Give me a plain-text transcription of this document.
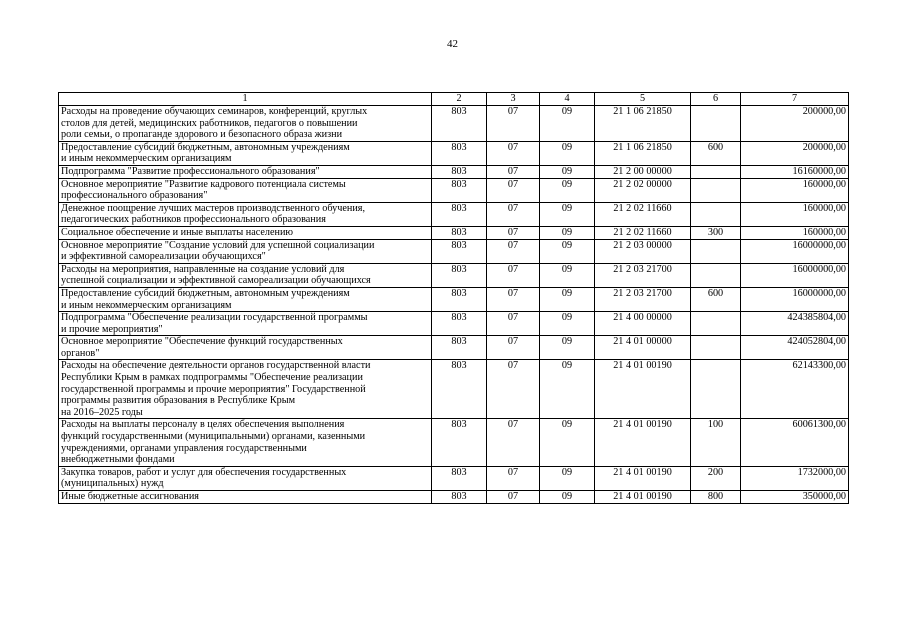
42
1	2	3	4	5	6	7
Расходы на проведение обучающих семинаров, конференций, круглых
столов для детей, медицинских работников, педагогов о повышении
роли семьи, о пропаганде здорового и безопасного образа жизни	803	07	09	21 1 06 21850		200000,00
Предоставление субсидий бюджетным, автономным учреждениям
и иным некоммерческим организациям	803	07	09	21 1 06 21850	600	200000,00
Подпрограмма "Развитие профессионального образования"	803	07	09	21 2 00 00000		16160000,00
Основное мероприятие "Развитие кадрового потенциала системы
профессионального образования"	803	07	09	21 2 02 00000		160000,00
Денежное поощрение лучших мастеров производственного обучения,
педагогических работников профессионального образования	803	07	09	21 2 02 11660		160000,00
Социальное обеспечение и иные выплаты населению	803	07	09	21 2 02 11660	300	160000,00
Основное мероприятие "Создание условий для успешной социализации
и эффективной самореализации обучающихся"	803	07	09	21 2 03 00000		16000000,00
Расходы на мероприятия, направленные на создание условий для
успешной социализации и эффективной самореализации обучающихся	803	07	09	21 2 03 21700		16000000,00
Предоставление субсидий бюджетным, автономным учреждениям
и иным некоммерческим организациям	803	07	09	21 2 03 21700	600	16000000,00
Подпрограмма "Обеспечение реализации государственной программы
и прочие мероприятия"	803	07	09	21 4 00 00000		424385804,00
Основное мероприятие "Обеспечение функций государственных
органов"	803	07	09	21 4 01 00000		424052804,00
Расходы на обеспечение деятельности органов государственной власти
Республики Крым в рамках подпрограммы "Обеспечение реализации
государственной программы и прочие мероприятия" Государственной
программы развития образования в Республике Крым
на 2016–2025 годы	803	07	09	21 4 01 00190		62143300,00
Расходы на выплаты персоналу в целях обеспечения выполнения
функций государственными (муниципальными) органами, казенными
учреждениями, органами управления государственными
внебюджетными фондами	803	07	09	21 4 01 00190	100	60061300,00
Закупка товаров, работ и услуг для обеспечения государственных
(муниципальных) нужд	803	07	09	21 4 01 00190	200	1732000,00
Иные бюджетные ассигнования	803	07	09	21 4 01 00190	800	350000,00
